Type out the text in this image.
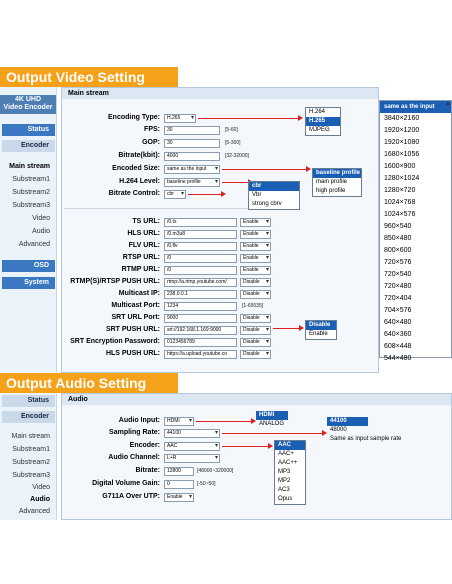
Output Video Setting
4K UHD
Video Encoder
Status
Encoder
Main stream
Substream1
Substream2
Substream3
Video
Audio
Advanced
OSD
System
Main stream
Encoding Type:	H.265 ▾
FPS:	30	[5-60]
GOP:	30	[5-300]
Bitrate(kbit):	4000	[32-32000]
Encoded Size:	same as the input ▾
H.264 Level:	baseline profile ▾
Bitrate Control:	cbr ▾
TS URL:	/0.ts	Enable ▾
HLS URL:	/0.m3u8	Enable ▾
FLV URL:	/0.flv	Enable ▾
RTSP URL:	/0	Enable ▾
RTMP URL:	/0	Enable ▾
RTMP(S)/RTSP PUSH URL:	rtmp://a.rtmp.youtube.com/	Disable ▾
Multicast IP:	238.0.0.1	Disable ▾
Multicast Port:	1234	[1-65535]
SRT URL Port:	9000	Disable ▾
SRT PUSH URL:	srt://192.168.1.169:9000	Disable ▾
SRT Encryption Password:	0123456789	Disable ▾
HLS PUSH URL:	https://a.upload.youtube.co	Disable ▾
H.264
H.265
MJPEG
baseline profile
main profile
high profile
cbr
Vbr
strong cbrv
Disable
Enable
same as the input
3840×2160
1920×1200
1920×1080
1680×1056
1600×900
1280×1024
1280×720
1024×768
1024×576
960×540
850×480
800×600
720×576
720×540
720×480
720×404
704×576
640×480
640×360
608×448
544×480
▲
Output Audio Setting
Status
Encoder
Main stream
Substream1
Substream2
Substream3
Video
Audio
Advanced
Audio
Audio Input:	HDMI ▾
Sampling Rate:	44100 ▾
Encoder:	AAC ▾
Audio Channel:	L+R ▾
Bitrate:	12800	[48000~320000]
Digital Volume Gain:	0	[-50~50]
G711A Over UTP:	Enable ▾
HDMI
ANALOG	44100
48000
Same as input sample rate
AAC
AAC+
AAC++
MP3
MP2
AC3
Opus
